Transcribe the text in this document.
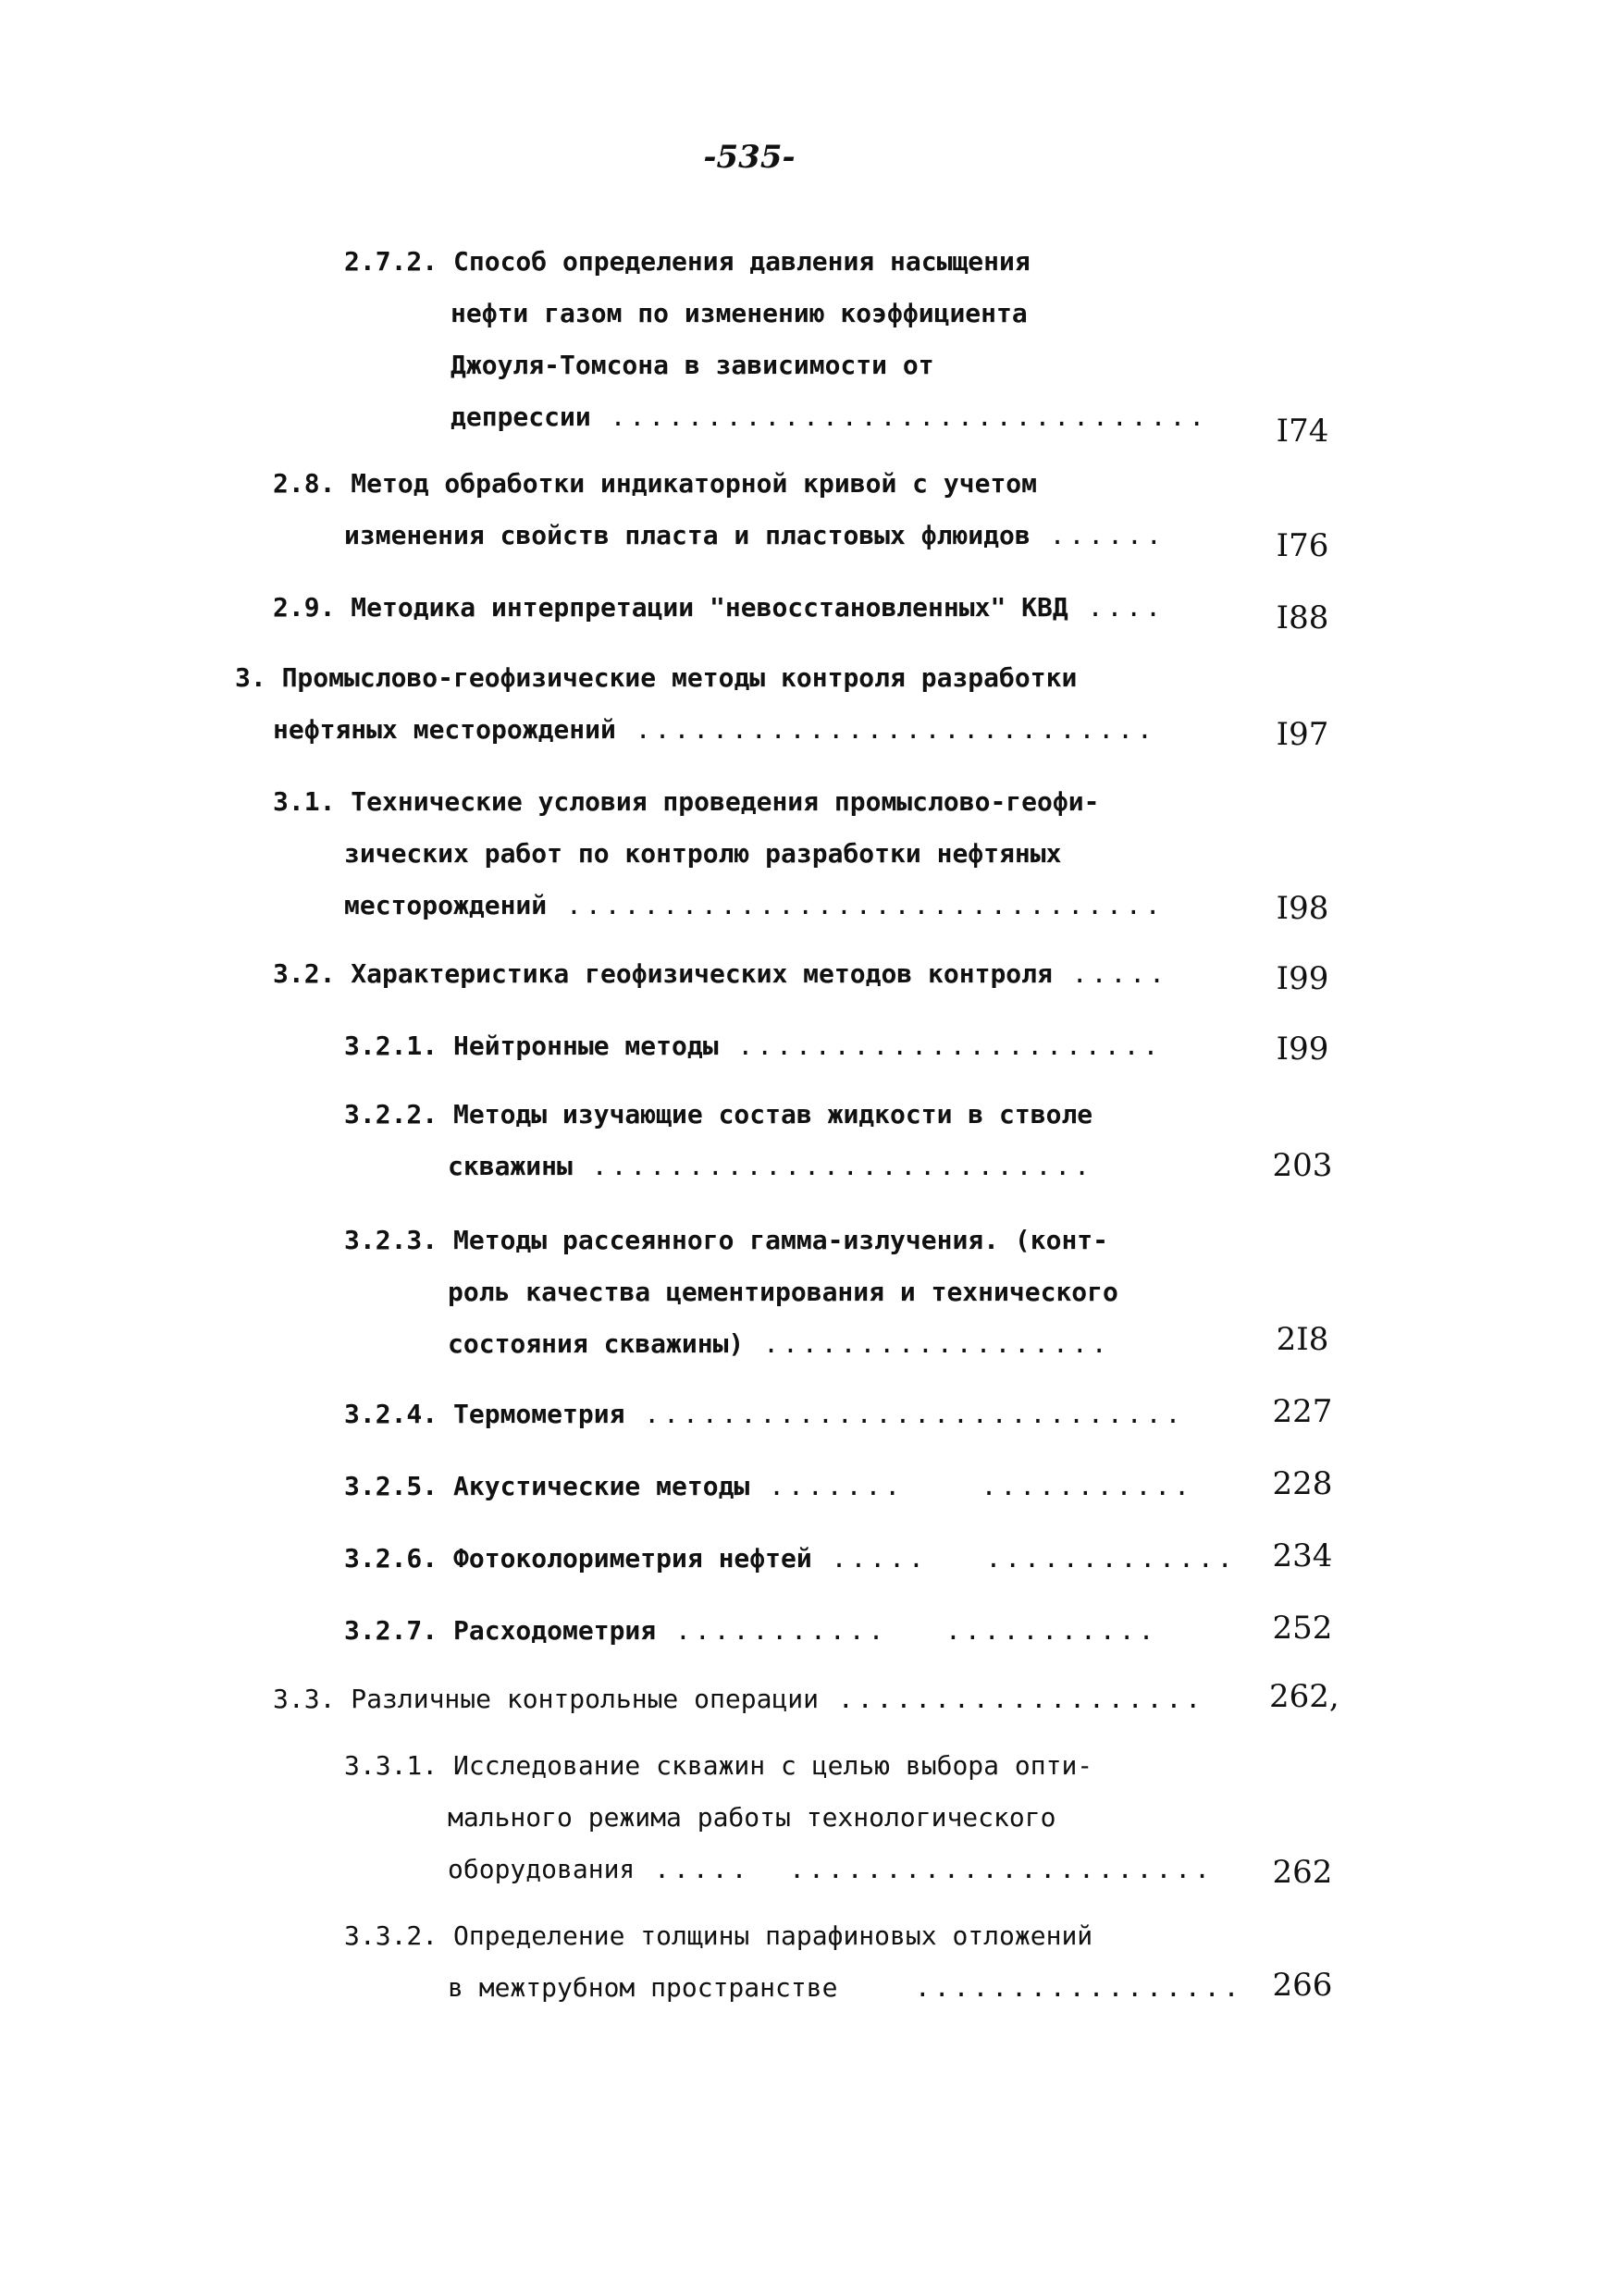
-535-
2.7.2. Способ определения давления насыщения
нефти газом по изменению коэффициента
Джоуля-Томсона в зависимости от
депрессии ............................... I74
2.8. Метод обработки индикаторной кривой с учетом
изменения свойств пласта и пластовых флюидов ......	I76
2.9. Методика интерпретации "невосстановленных" КВД ....	I88
3. Промыслово-геофизические методы контроля разработки
нефтяных месторождений ...........................	I97
3.1. Технические условия проведения промыслово-геофи-
зических работ по контролю разработки нефтяных
месторождений ...............................	I98
3.2. Характеристика геофизических методов контроля .....	I99
3.2.1. Нейтронные методы ......................	I99
3.2.2. Методы изучающие состав жидкости в стволе
скважины ..........................	203
3.2.3. Методы рассеянного гамма-излучения. (конт-
роль качества цементирования и технического
состояния скважины) ..................	2I8
3.2.4. Термометрия ............................	227
3.2.5. Акустические методы .......    ...........	228
3.2.6. Фотоколориметрия нефтей .....   ............. 234
3.2.7. Расходометрия ...........   ...........	252
3.3. Различные контрольные операции ................... 262,
3.3.1. Исследование скважин с целью выбора опти-
мального режима работы технологического
оборудования .....  ...................... 262
3.3.2. Определение толщины парафиновых отложений
в межтрубном пространстве    ................. 266
